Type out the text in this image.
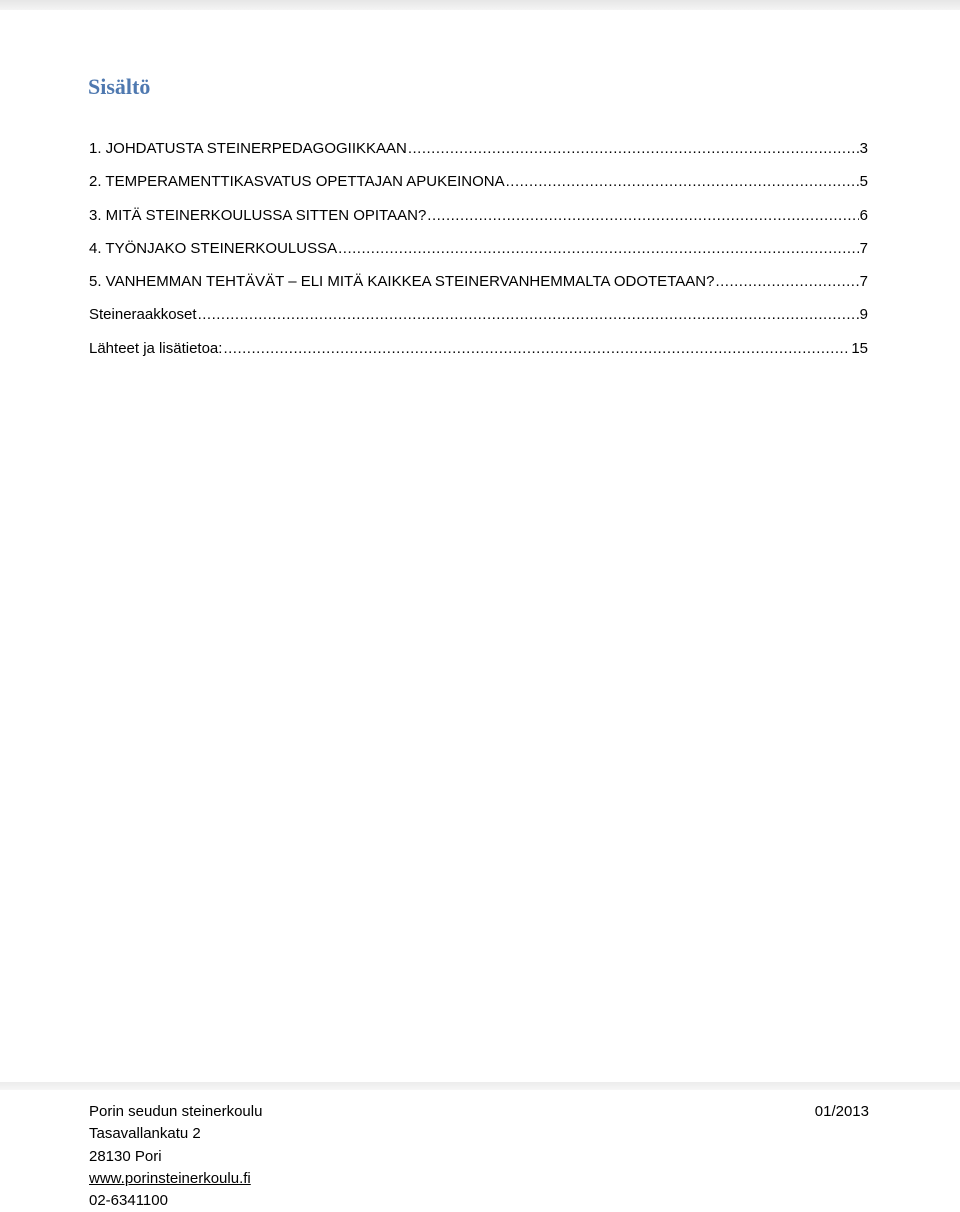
Sisältö
1. JOHDATUSTA STEINERPEDAGOGIIKKAAN .....	3
2. TEMPERAMENTTIKASVATUS OPETTAJAN APUKEINONA .....	5
3. MITÄ STEINERKOULUSSA SITTEN OPITAAN? .....	6
4. TYÖNJAKO STEINERKOULUSSA .....	7
5. VANHEMMAN TEHTÄVÄT – ELI MITÄ KAIKKEA STEINERVANHEMMALTA ODOTETAAN? .....	7
Steineraakkoset .....	9
Lähteet ja lisätietoa: .....	15
Porin seudun steinerkoulu	01/2013
Tasavallankatu 2
28130 Pori
www.porinsteinerkoulu.fi
02-6341100
